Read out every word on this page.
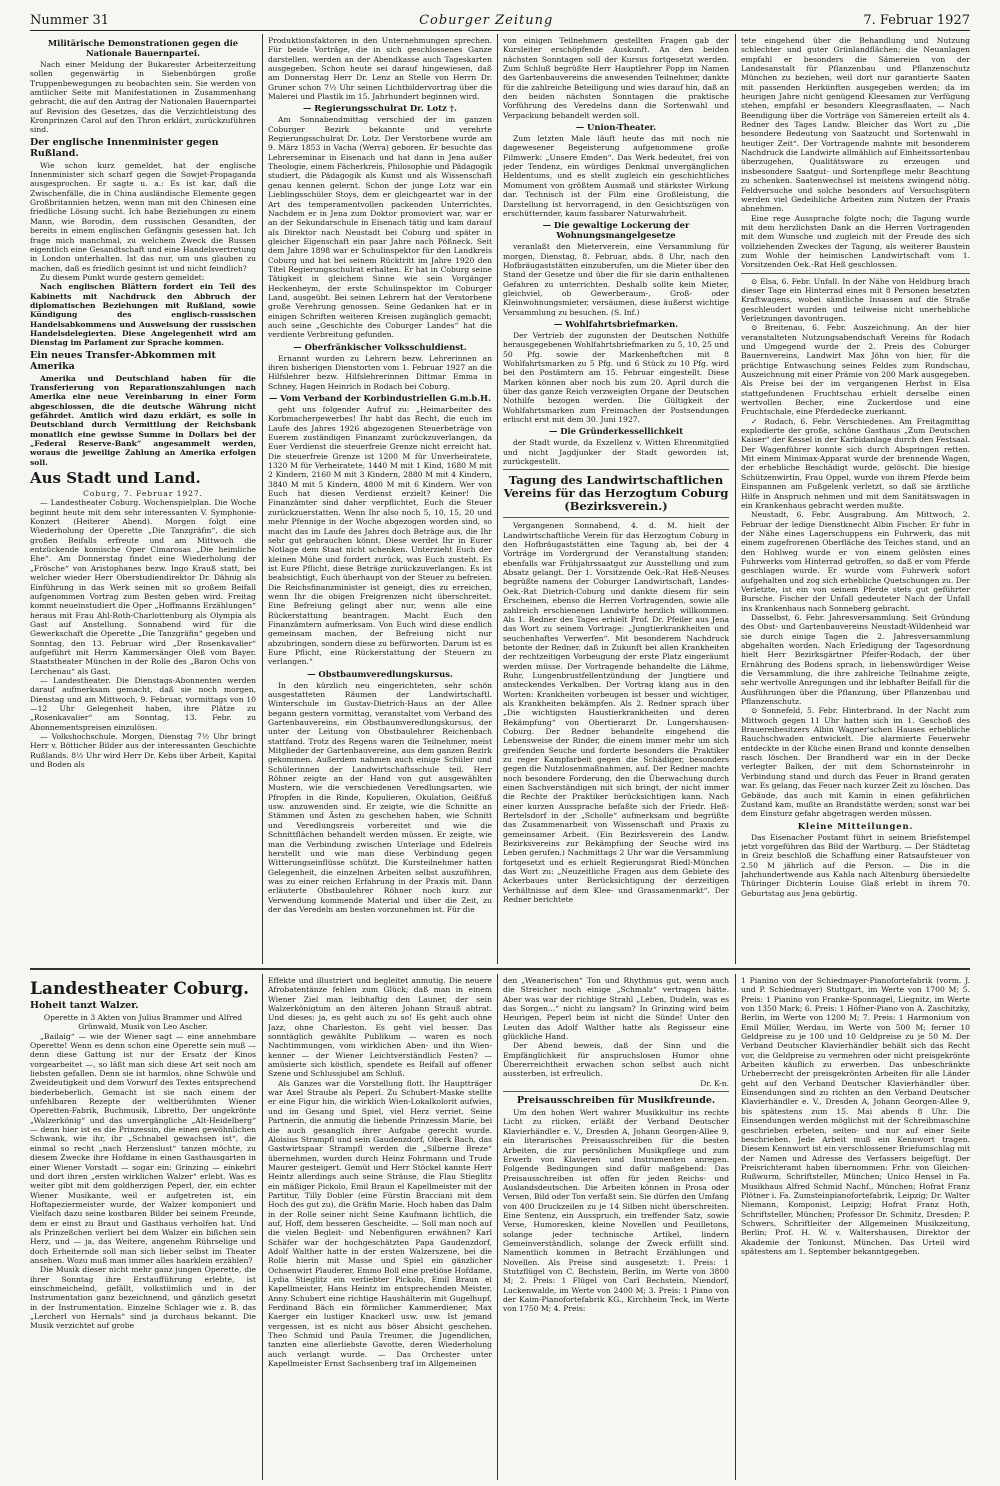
Nummer 31	Coburger Zeitung	7. Februar 1927
Militärische Demonstrationen gegen die Nationale Bauernpartei.

Nach einer Meldung der Bukarester Arbeiterzeitung sollen gegenwärtig in Siebenbürgen große Truppenbewegungen zu beobachten sein. Sie werden von amtlicher Seite mit Manifestationen in Zusammenhang gebracht, die auf den Antrag der Nationalen Bauernpartei auf Revision des Gesetzes, das die Verzichtleistung des Kronprinzen Carol auf den Thron erklärt, zurückzuführen sind.

Der englische Innenminister gegen Rußland.

Wie schon kurz gemeldet, hat der englische Innenminister sich scharf gegen die Sowjet-Propaganda ausgesprochen. Er sagte u. a.: Es ist kar, daß die Zwischenfälle, die in China ausländische Elemente gegen Großbritannien hetzen, wenn man mit den Chinesen eine friedliche Lösung sucht. Ich habe Beziehungen zu einem Mann, wie Borodin, dem russischen Gesandten, der bereits in einem englischen Gefängnis gesessen hat. Ich frage mich manchmal, zu welchem Zweck die Russen eigentlich eine Gesandtschaft und eine Handelsvertretung in London unterhalten. Ist das nur, um uns glauben zu machen, daß es friedlich gesinnt ist und nicht feindlich?

Zu diesem Punkt wurde gestern gemeldet:

Nach englischen Blättern fordert ein Teil des Kabinetts mit Nachdruck den Abbruch der diplomatischen Beziehungen mit Rußland, sowie Kündigung des englisch-russischen Handelsabkommens und Ausweisung der russischen Handelsdelegierten. Diese Angelegenheit wird am Dienstag im Parlament zur Sprache kommen.

Ein neues Transfer-Abkommen mit Amerika

Amerika und Deutschland haben für die Transferierung von Reparationszahlungen nach Amerika eine neue Vereinbarung in einer Form abgeschlossen, die die deutsche Währung nicht gefährdet. Amtlich wird dazu erklärt, es solle in Deutschland durch Vermittlung der Reichsbank monatlich eine gewisse Summe in Dollars bei der „Federal Reserve-Bank“ angesammelt werden, woraus die jeweilige Zahlung an Amerika erfolgen soll.

Aus Stadt und Land.
Coburg, 7. Februar 1927.

— Landestheater Coburg. Wochenspielplan. Die Woche beginnt heute mit dem sehr interessanten V. Symphonie-Konzert (Heiterer Abend). Morgen folgt eine Wiederholung der Operette „Die Tanzgräfin“, die sich großen Beifalls erfreute und am Mittwoch die entzückende komische Oper Cimarosas „Die heimliche Ehe“. Am Donnerstag findet eine Wiederholung der „Frösche“ von Aristophanes bezw. Ingo Krauß statt, bei welcher wieder Herr Oberstudiendirektor Dr. Dähnig als Einführung in das Werk seinen mit so großem Beifall aufgenommen Vortrag zum Besten geben wird. Freitag kommt neueinstudiert die Oper „Hoffmanns Erzählungen“ heraus mit Frau Ahl-Roth-Charlottenburg als Olympia als Gast auf Anstellung. Sonnabend wird für die Gewerkschaft die Operette „Die Tanzgräfin“ gegeben und Sonntag, den 13. Februar wird „Der Rosenkavalier“ aufgeführt mit Herrn Kammersänger Oleß vom Bayer. Staatstheater München in der Rolle des „Baron Ochs von Lerchenau“ als Gast.

— Landestheater. Die Dienstags-Abonnenten werden darauf aufmerksam gemacht, daß sie noch morgen, Dienstag und am Mittwoch, 9. Februar, vormittags von 10—12 Uhr Gelegenheit haben, ihre Plätze zu „Rosenkavalier“ am Sonntag, 13. Febr. zu Abonnementspreisen einzulösen.

— Volkshochschule. Morgen, Dienstag 7½ Uhr bringt Herr v. Bötticher Bilder aus der interessanten Geschichte Rußlands. 8½ Uhr wird Herr Dr. Kebs über Arbeit, Kapital und Boden als

Produktionsfaktoren in den Unternehmungen sprechen. Für beide Vorträge, die in sich geschlossenes Ganze darstellen, werden an der Abendkasse auch Tageskarten ausgegeben. Schon heute sei darauf hingewiesen, daß am Donnerstag Herr Dr. Lenz an Stelle von Herrn Dr. Gruner schon 7½ Uhr seinen Lichtbildervortrag über die Malerei und Plastik im 15. Jahrhundert beginnen wird.

— Regierungsschulrat Dr. Lotz †.

Am Sonnabendmittag verschied der im ganzen Coburger Bezirk bekannte und verehrte Regierungsschulrat Dr. Lotz. Der Verstorbene wurde am 9. März 1853 in Vacha (Werra) geboren. Er besuchte das Lehrerseminar in Eisenach und hat dann in Jena außer Theologie, einem Fächerkreis, Philosophie und Pädagogik studiert, die Pädagogik als Kunst und als Wissenschaft genau kennen gelernt. Schon der junge Lotz war ein Lieblingsschüler Stoys, dem er gleichgeartet war in der Art des temperamentvollen packenden Unterrichtes. Nachdem er in Jena zum Doktor promoviert war, war er an der Sekundarschule in Eisenach tätig und kam darauf als Direktor nach Neustadt bei Coburg und später in gleicher Eigenschaft ein paar Jahre nach Pößneck. Seit dem Jahre 1898 war er Schulinspektor für den Landkreis Coburg und hat bei seinem Rücktritt im Jahre 1920 den Titel Regierungsschulrat erhalten. Er hat in Coburg seine Tätigkeit in gleichem Sinne wie sein Vorgänger Heckenheym, der erste Schulinspektor im Coburger Land, ausgeübt. Bei seinen Lehrern hat der Verstorbene große Verehrung genossen. Seine Gedanken hat er in einigen Schriften weiteren Kreisen zugänglich gemacht; auch seine „Geschichte des Coburger Landes“ hat die verdiente Verbreitung gefunden.

— Oberfränkischer Volksschuldienst.

Ernannt wurden zu Lehrern bezw. Lehrerinnen an ihren bisherigen Dienstorten vom 1. Februar 1927 an die Hilfslehrer bezw. Hilfslehrerinnen Dittmar Emma in Schney, Hagen Heinrich in Rodach bei Coburg.

— Vom Verband der Korbindustriellen G.m.b.H.

geht uns folgender Aufruf zu: „Heimarbeiter des Korbmachergewerbes! Ihr habt das Recht, die euch im Laufe des Jahres 1926 abgezogenen Steuerbeträge von Euerem zuständigen Finanzamt zurückzuverlangen, da Euer Verdienst die steuerfreie Grenze nicht erreicht hat. Die steuerfreie Grenze ist 1200 M für Unverheiratete, 1320 M für Verheiratete, 1440 M mit 1 Kind, 1680 M mit 2 Kindern, 2160 M mit 3 Kindern, 2880 M mit 4 Kindern, 3840 M mit 5 Kindern, 4800 M mit 6 Kindern. Wer von Euch hat diesen Verdienst erzielt? Keiner! Die Finanzämter sind daher verpflichtet, Euch die Steuer zurückzuerstatten. Wenn Ihr also noch 5, 10, 15, 20 und mehr Pfennige in der Woche abgezogen worden sind, so macht das im Laufe des Jahres doch Beträge aus, die Ihr sehr gut gebrauchen könnt. Diese werdet Ihr in Eurer Notlage dem Staat nicht schenken. Unterzieht Euch der kleinen Mühe und fordert zurück, was Euch zusteht. Es ist Eure Pflicht, diese Beträge zurückzuverlangen. Es ist beabsichtigt, Euch überhaupt von der Steuer zu befreien. Die Reichsfinanzminister ist geneigt, dies zu erreichen, wenn Ihr die obigen Freigrenzen nicht überschreitet. Eine Befreiung gelingt aber nur, wenn alle eine Rückerstattung beantragen. Macht Euch den Finanzämtern aufmerksam. Von Euch wird diese endlich gemeinsam machen, der Befreiung nicht nur abzubringen, sondern diese zu befürworten. Darum ist es Eure Pflicht, eine Rückerstattung der Steuern zu verlangen.“

— Obstbaumveredlungskursus.

In den kürzlich neu eingerichteten, sehr schön ausgestatteten Räumen der Landwirtschaftl. Winterschule im Gustav-Dietrich-Haus an der Allee begann gestern vormittag, veranstaltet vom Verband des Gartenbauvereins, ein Obstbaumveredlungskursus, der unter der Leitung von Obstbaulehrer Reichenbach stattfand. Trotz des Regens waren die Teilnehmer, meist Mitglieder der Gartenbauvereine, aus dem ganzen Bezirk gekommen. Außerdem nahmen auch einige Schüler und Schülerinnen der Landwirtschaftsschule teil. Herr Röhner zeigte an der Hand von gut ausgewählten Mustern, wie die verschiedenen Veredlungsarten, wie Pfropfen in die Rinde, Kopulieren, Okulation, Geißfuß usw. anzuwenden sind. Er zeigte, wie die Schnitte an Stämmen und Ästen zu geschehen haben, wie Schnitt und Veredlungsreis vorbereitet und wie die Schnittflächen behandelt werden müssen. Er zeigte, wie man die Verbindung zwischen Unterlage und Edelreis herstellt und wie man diese Verbindung gegen Witterungseinflüsse schützt. Die Kursteilnehmer hatten Gelegenheit, die einzelnen Arbeiten selbst auszuführen, was zu einer reichen Erfahrung in der Praxis mit. Dann erläuterte Obstbaulehrer Röhner noch kurz zur Verwendung kommende Material und über die Zeit, zu der das Veredeln am besten vorzunehmen ist. Für die

von einigen Teilnehmern gestellten Fragen gab der Kursleiter erschöpfende Auskunft. An den beiden nächsten Sonntagen soll der Kursus fortgesetzt werden. Zum Schluß begrüßte Herr Hauptlehrer Popp im Namen des Gartenbauvereins die anwesenden Teilnehmer, dankte für die zahlreiche Beteiligung und wies darauf hin, daß an den beiden nächsten Sonntagen die praktische Vorführung des Veredelns dann die Sortenwahl und Verpackung behandelt werden soll.

— Union-Theater.

Zum letzten Male läuft heute das mit noch nie dagewesener Begeisterung aufgenommene große Filmwerk: „Unsere Emden“. Das Werk bedeutet, frei von jeder Tendenz, ein würdiges Denkmal unvergänglichen Heldentums, und es stellt zugleich ein geschichtliches Momument von größtem Ausmaß und stärkster Wirkung dar. Technisch ist der Film eine Großleistung, die Darstellung ist hervorragend, in den Gesichtszügen von erschütternder, kaum fassbarer Naturwahrheit.

— Die gewaltige Lockerung der Wohnungsmangelgesetze

veranlaßt den Mieterverein, eine Versammlung für morgen, Dienstag, 8. Februar, abds. 8 Uhr, nach den Hofbräugaststätten einzuberufen, um die Mieter über den Stand der Gesetze und über die für sie darin enthaltenen Gefahren zu unterrichten. Deshalb sollte kein Mieter, gleichviel, ob Gewerberaum-, Groß- oder Kleinwohnungsmieter, versäumen, diese äußerst wichtige Versammlung zu besuchen. (S. Inf.)

— Wohlfahrtsbriefmarken.

Der Vertrieb der zugunsten der Deutschen Nothilfe herausgegebenen Wohlfahrtsbriefmarken zu 5, 10, 25 und 50 Pfg. sowie der Markenheftchen mit 8 Wohlfahrtsmarken zu 5 Pfg. und 6 Stück zu 10 Pfg. wird bei den Postämtern am 15. Februar eingestellt. Diese Marken können aber noch bis zum 20. April durch die über das ganze Reich verzweigten Organe der Deutschen Nothilfe bezogen werden. Die Gültigkeit der Wohlfahrtsmarken zum Freimachen der Postsendungen erlischt erst mit dem 30. Juni 1927.

— Die Gründerkessellichkeit

der Stadt wurde, da Exzellenz v. Witten Ehrenmitglied und nicht Jagdjunker der Stadt geworden ist, zurückgestellt.

Tagung des Landwirtschaftlichen Vereins für das Herzogtum Coburg (Bezirksverein.)

Vergangenen Sonnabend, 4. d. M. hielt der Landwirtschaftliche Verein für das Herzogtum Coburg in den Hofbräugaststätten eine Tagung ab, bei der 4 Vorträge im Vordergrund der Veranstaltung standen; ebenfalls war Frühjahrssaatgut zur Ausstellung und zum Absatz gelangt. Der 1. Vorsitzende Oek.-Rat Heß-Neuses begrüßte namens der Coburger Landwirtschaft, Landes-Oek.-Rat Dietrich-Coburg und dankte diesem für sein Erscheinen, ebenso die Herren Vortragenden, sowie alle zahlreich erschienenen Landwirte herzlich willkommen. Als 1. Redner des Tages erhielt Prof. Dr. Pfeiler aus Jena das Wort zu seinem Vortrage: „Jungtierkrankheiten und seuchenhaftes Verwerfen“. Mit besonderem Nachdruck betonte der Redner, daß in Zukunft bei allen Krankheiten der rechtzeitigen Vorbeugung der erste Platz eingeräumt werden müsse. Der Vortragende behandelte die Lähme, Ruhr, Lungenbrustfellentzündung der Jungtiere und ansteckendes Verkalben. Der Vortrag klang aus in den Worten: Krankheiten vorbeugen ist besser und wichtiger, als Krankheiten bekämpfen. Als 2. Redner sprach über „Die wichtigsten Haustierkrankheiten und deren Bekämpfung“ von Obertierarzt Dr. Lungershausen-Coburg. Der Redner behandelte eingehend die Lebensweise der Rinder, die einem immer mehr um sich greifenden Seuche und forderte besonders die Praktiker zu reger Kampfarbeit gegen die Schädiger, besonders gegen die Nutzlosenmaßnahmen, auf. Der Redner machte noch besondere Forderung, den die Überwachung durch einen Sachverständigen mit sich bringt, der nicht immer die Rechte der Praktiker berücksichtigen kann. Nach einer kurzen Aussprache befaßte sich der Friedr. Heß-Bertelsdorf in der „Scholle“ aufmerksam und begrüßte das Zusammenarbeit von Wissenschaft und Praxis zu gemeinsamer Arbeit. (Ein Bezirksverein des Landw. Bezirksvereins zur Bekämpfung der Seuche wird ins Leben gerufen.) Nachmittags 2 Uhr war die Versammlung fortgesetzt und es erhielt Regierungsrat Riedl-München das Wort zu: „Neuzeitliche Fragen aus dem Gebiete des Ackerbaues unter Berücksichtigung der derzeitigen Verhältnisse auf dem Klee- und Grassamenmarkt“. Der Redner berichtete

tete eingehend über die Behandlung und Nutzung schlechter und guter Grünlandflächen; die Neuanlagen empfahl er besonders die Sämereien von der Landesanstalt für Pflanzenbau und Pflanzenschutz München zu beziehen, weil dort nur garantierte Saaten mit passenden Herkünften ausgegeben werden; da im heurigen Jahre nicht genügend Kleesamen zur Verfügung stehen, empfahl er besonders Kleegrasflaaten. — Nach Beendigung über die Vorträge von Sämereien erteilt als 4. Redner des Tages Landw. Bleicher das Wort zu „Die besondere Bedeutung von Saatzucht und Sortenwahl in heutiger Zeit“. Der Vortragende mahnte mit besonderem Nachdruck die Landwirte allmählich auf Einheitssortenbau überzugehen, Qualitätsware zu erzeugen und insbesondere Saatgut- und Sortenpflege mehr Beachtung zu schenken. Saatenwechsel ist meistens zwingend nötig. Feldversuche und solche besonders auf Versuchsgütern werden viel Gedeihliche Arbeiten zum Nutzen der Praxis abnehmen.

Eine rege Aussprache folgte noch; die Tagung wurde mit dem herzlichsten Dank an die Herren Vortragenden mit dem Wunsche und zugleich mit der Freude des sich vollziehenden Zweckes der Tagung, als weiterer Baustein zum Wohle der heimischen Landwirtschaft vom 1. Vorsitzenden Oek.-Rat Heß geschlossen.

⊙ Elsa, 6. Febr. Unfall. In der Nähe von Heldburg brach dieser Tage ein Hinterrad eines mit 8 Personen besetzten Kraftwagens, wobei sämtliche Insassen auf die Straße geschleudert wurden und teilweise nicht unerhebliche Verletzungen davontrugen.

⊙ Breitenau, 6. Febr. Auszeichnung. An der hier veranstalteten Nutzungsabendschaft Vereins für Rodach und Umgegend wurde der 2. Preis des Coburger Bauernvereins, Landwirt Max Jöhn von hier, für die prächtige Entwaschung seines Feldes zum Rundschau, Auszeichnung mit einer Prämie von 200 Mark ausgegeben. Als Preise bei der im vergangenen Herbst in Elsa stattgefundenen Fruchtschau erhielt derselbe einen wertvollen Becher, eine Zuckerdose und eine Fruchtschale, eine Pferdedecke zuerkannt.

✓ Rodach, 6. Febr. Verschiedenes. Am Freitagmittag explodierte der große, schöne Gasthaus „Zum Deutschen Kaiser“ der Kessel in der Karbidanlage durch den Festsaal. Der Wagenführer konnte sich durch Abspringen retten. Mit einem Minimax-Apparat wurde der brennende Wagen, der erhebliche Beschädigt wurde, gelöscht. Die hiesige Schützenwirtin, Frau Oppel, wurde von ihrem Pferde beim Einspannen am Fußgelenk verletzt, so daß sie ärztliche Hilfe in Anspruch nehmen und mit dem Sanitätswagen in ein Krankenhaus gebracht werden mußte.

Neustadt, 6. Febr. Ausgrabung. Am Mittwoch, 2. Februar der ledige Dienstknecht Albin Fischer. Er fuhr in der Nähe eines Lagerschuppens ein Fuhrwerk, das mit einem zugefrorenen Oberfläche des Teiches stand, und an den Hohlweg wurde er von einem gelösten eines Fuhrwerks vom Hinterrad getroffen, so daß er vom Pferde geschlagen wurde. Er wurde vom Fuhrwerk sofort aufgehalten und zog sich erhebliche Quetschungen zu. Der Verletzte, ist ein von seinem Pferde stets gut geführter Bursche. Fischer der Unfall gedeuteter Nach der Unfall ins Krankenhaus nach Sonneberg gebracht.

Dasselbst, 6. Febr. Jahresversammlung. Seit Gründung des Obst- und Gartenbauvereins Neustadt-Wildenheid war sie durch einige Tagen die 2. Jahresversammlung abgehalten worden. Nach Erledigung der Tagesordnung hielt Herr Bezirksgärtner Pfeifer-Rodach, der über Ernährung des Bodens sprach, in liebenswürdiger Weise die Versammlung, die ihre zahlreiche Teilnahme zeigte, sehr wertvolle Anregungen und ihr lebhafter Beifall für die Ausführungen über die Pflanzung, über Pflanzenbau und Pflanzenschutz.

⊙ Sonnefeld, 5. Febr. Hinterbrand. In der Nacht zum Mittwoch gegen 11 Uhr hatten sich im 1. Geschoß des Brauereibesitzers Albin Wagner'schen Hauses erhebliche Rauchschwaden entwickelt. Die alarmierte Feuerwehr entdeckte in der Küche einen Brand und konnte denselben rasch löschen. Der Brandherd war ein in der Decke verlegter Balken, der mit dem Schornsteinrohr in Verbindung stand und durch das Feuer in Brand geraten war. Es gelang, das Feuer nach kurzer Zeit zu löschen. Das Gebäude, das auch mit Kamin in einen gefährlichen Zustand kam, mußte an Brandstätte werden; sonst war bei dem Einsturz gefahr abgetragen werden müssen.

Kleine Mitteilungen.

Das Eisenacher Postamt führt in seinem Briefstempel jetzt vorgeführen das Bild der Wartburg. — Der Städtetag in Greiz beschloß die Schaffung einer Ratsaufsteuer von 2.50 M jährlich auf die Person. — Die in die Jahrhundertwende aus Kahla nach Altenburg übersiedelte Thüringer Dichterin Louise Glaß erlebt in ihrem 70. Geburtstag aus Jena gebürtig.

Landestheater Coburg.
Hoheit tanzt Walzer.

Operette in 3 Akten von Julius Brammer und Alfred Grünwald, Musik von Leo Ascher.

„Bailaig“ — wie der Wiener sagt — eine annehmbare Operette! Wenn es denn schon eine Operette sein muß — denn diese Gattung ist nur der Ersatz der Kinos vorgearbeitet —, so läßt man sich diese Art seit noch am liebsten gefallen. Denn sie ist harmlos, ohne Schwüle und Zweideutigkeit und dem Vorwurf des Textes entsprechend biederbeberlich. Gemacht ist sie nach einem der unfehlbaren Rezepte der weltberühmten Wiener Operetten-Fabrik, Buchmusik, Libretto, Der ungekrönte „Walzerkönig“ und das unvergängliche „Alt-Heidelberg“ — denn hier ist es die Prinzessin, die einen gewöhnlichen Schwank, wie ihr, ihr „Schnabel gewachsen ist“, die einmal so recht „nach Herzenslust“ tanzen möchte, zu diesem Zwecke ihre Hofdame in einen Gasthausgarten in einer Wiener Vorstadt — sogar ein: Grinzing — einkehrt und dort ihren „ersten wirklichen Walzer“ erlebt. Was es weiter gibt mit dem goldherzigen Peperl, der, ein echter Wiener Musikante, weil er aufgetreten ist, ein Hoftapeziermeister wurde, der Walzer komponiert und Vielfach dazu seine kostbaren Bilder bei seinem Freunde, dem er einst zu Braut und Gasthaus verholfen hat. Und als Prinzeßchen verliert bei dem Walzer ein bißchen sein Herz, und — ja, das Weitere, angenehm Rührselige und doch Erheiternde soll man sich lieber selbst im Theater ansehen. Wozu muß man immer alles haarklein erzählen?

Die Musik dieser nicht mehr ganz jungen Operette, die ihrer Sonntag ihre Erstaufführung erlebte, ist einschmeichelnd, gefällt, volkstümlich und in der Instrumentation ganz bezeichnend, und gänzlich gesetzt in der Instrumentation. Einzelne Schlager wie z. B. das „Lercherl von Hernals“ sind ja durchaus bekannt. Die Musik verzichtet auf grobe

Effekte und illustriert und begleitet anmutig. Die neuere Afrobatentänze fehlen zum Glück; daß man in einem Wiener Ziel man leibhaftig den Launer, der sein Walzerkönigtum an den älteren Johann Strauß abtrat. Und dieses: ja, es geht auch zu so! Es geht auch ohne Jazz, ohne Charleston. Es geht viel besser. Das sonntäglich gewählte Publikum — waren es noch Nachtimmungen, vom wirklichen Aben- und ihn Wien-kenner — der Wiener Leichtverständlich Festen? — amüsierte sich köstlich, spendete es Beifall auf offener Szene und Schlussjubel am Schluß.

Als Ganzes war die Vorstellung flott. Ihr Hauptträger war Axel Straube als Peperl. Zu Schubert-Maske stellte er eine Figur hin, die wirklich Wien-Lokalkolorit aufwies, und im Gesang und Spiel, viel Herz verriet. Seine Partnerin, die anmutig die liebende Prinzessin Marie, bei die auch gesanglich ihrer Aufgabe gerecht wurde. Aloisius Strampfl und sein Gaudenzdorf, Oberk Bach, das Gastwirtspaar Strampfl werden die „Silberne Breze“ übernehmen, wurden durch Heinz Fohrmann und Trude Maurer gesteigert. Gemüt und Herr Stöckel kannte Herr Heintz allerdings auch seine Sträuse, die Flau Stieglitz ein mäßiger Pickolo, Emil Braun el Kapellmeister mit der Partitur, Tilly Dobler (eine Fürstin Bracciani mit dem Hoch des gut zu), die Gräfin Marie. Hoch haben das Dalm in der Rolle seiner nicht Seine Kaufmann lichtlich, die auf, Hoff, dem besseren Gescheidte. — Soll man noch auf die vielen Begleit- und Nebenfiguren erwähnen? Karl Schäfer war der hochgeschätzten Papa Gaudenzdorf, Adolf Walther hatte in der ersten Walzerszene, bei die Rolle hierin mit Masse und Spiel ein gänzlicher Ochsenwirt Plauderer, Emmo Boll eine pretiöse Hofdame, Lydia Stieglitz ein verliebter Pickolo, Emil Braun el Kapellmeister, Hans Heintz im entsprechenden Meister, Anny Schubert eine richtige Haushälterin mit Gugelhupf, Ferdinand Bäch ein förmlicher Kammerdiener, Max Kaerger ein lustiger Knackerl usw. usw. Ist jemand vergessen, ist es nicht aus böser Absicht geschehen. Theo Schmid und Paula Treumer, die Jugendlichen, tanzten eine allerliebste Gavotte, deren Wiederholung auch verlangt wurde. — Das Orchester unter Kapellmeister Ernst Sachsenberg traf im Allgemeinen

den „Weanerischen“ Ton und Rhythmus gut, wenn auch die Streicher noch einige „Schmalz“ vertragen hätte. Aber was war der richtige Strahl „Leben, Dudeln, was es das Sorgen...“ nicht zu langsam? In Grinzing wird beim Heurigen, Peperl beim ist nicht die Sünde! Unter den Leuten das Adolf Walther hatte als Regisseur eine glückliche Hand.

Der Abend beweis, daß der Sinn und die Empfänglichkeit für anspruchslosen Humor ohne Übererreichtheit erwachen schon selbst auch nicht aussterben, ist erfreulich.

Dr. K-n.
Preisausschreiben für Musikfreunde.

Um den hohen Wert wahrer Musikkultur ins rechte Licht zu rücken, erläßt der Verband Deutscher Klavierhändler e. V., Dresden A, Johann Georgen-Allee 9, ein literarisches Preisausschreiben für die besten Arbeiten, die zur persönlichen Musikpflege und zum Erwerb von Klavieren und Instrumenten anregen. Folgende Bedingungen sind dafür maßgebend: Das Preisausschreiben ist offen für jeden Reichs- und Auslandsdeutschen. Die Arbeiten können in Prosa oder Versen, Bild oder Ton verfaßt sein. Sie dürfen den Umfang von 400 Druckzeilen zu je 14 Silben nicht überschreiten. Eine Sentenz, ein Ausspruch, ein treffender Satz, sowie Verse, Humoresken, kleine Novellen und Feuilletons, solange jeder technische Artikel, lindern Gemeinverständlich, solange der Zweck erfüllt sind. Namentlich kommen in Betracht Erzählungen und Novellen. Als Preise sind ausgesetzt: 1. Preis: 1 Stutzflügel von C. Bechstein, Berlin, im Werte von 3800 M; 2. Preis: 1 Flügel von Carl Bechstein, Niendorf, Luckenwalde, im Werte von 2400 M; 3. Preis: 1 Piano von der Kaim-Pianofortefabrik KG., Kirchheim Teck, im Werte von 1750 M; 4. Preis:

1 Pianino von der Schiedmayer-Pianofortefabrik (vorm. J. und P. Schiedmayer) Stuttgart, im Werte von 1700 M; 5. Preis: 1 Pianino von Franke-Sponnagel, Liegnitz, im Werte von 1350 Mark; 6. Preis: 1 Höfner-Piano von A. Zaschitzky, Berlin, im Werte von 1200 M; 7. Preis: 1 Harmonium von Emil Müller, Werdau, im Werte von 500 M; ferner 10 Geldpreise zu je 100 und 10 Geldpreise zu je 50 M. Der Verband Deutscher Klavierhändler behält sich das Recht vor, die Geldpreise zu vermehren oder nicht preisgekrönte Arbeiten käuflich zu erwerben. Das unbeschränkte Urheberrecht der preisgekrönten Arbeiten für alle Länder geht auf den Verband Deutscher Klavierhändler über. Einsendungen sind zu richten an den Verband Deutscher Klavierhändler e. V., Dresden A, Johann Georgen-Allee 9, bis spätestens zum 15. Mai abends 8 Uhr. Die Einsendungen werden möglichst mit der Schreibmaschine geschrieben erbeten, seiten- und nur auf einer Seite beschrieben. Jede Arbeit muß ein Kennwort tragen. Diesem Kennwort ist ein verschlossener Briefumschlag mit der Namen und Adresse des Verfassers beigefügt. Der Preisrichteramt haben übernommen: Frhr. von Gleichen-Rußwurm, Schriftsteller, München; Unico Hensel in Fa. Musikhaus Alfred Schmid Nachf., München; Hofrat Franz Plötner i. Fa. Zumsteinpianofortefabrik, Leipzig; Dr. Walter Niemann, Komponist, Leipzig; Hofrat Franz Hoth, Schriftsteller, München; Professor Dr. Schmitz, Dresden; P. Schwers, Schriftleiter der Allgemeinen Musikzeitung, Berlin; Prof. H. W. v. Waltershausen, Direktor der Akademie der Tonkunst, München. Das Urteil wird spätestens am 1. September bekanntgegeben.
